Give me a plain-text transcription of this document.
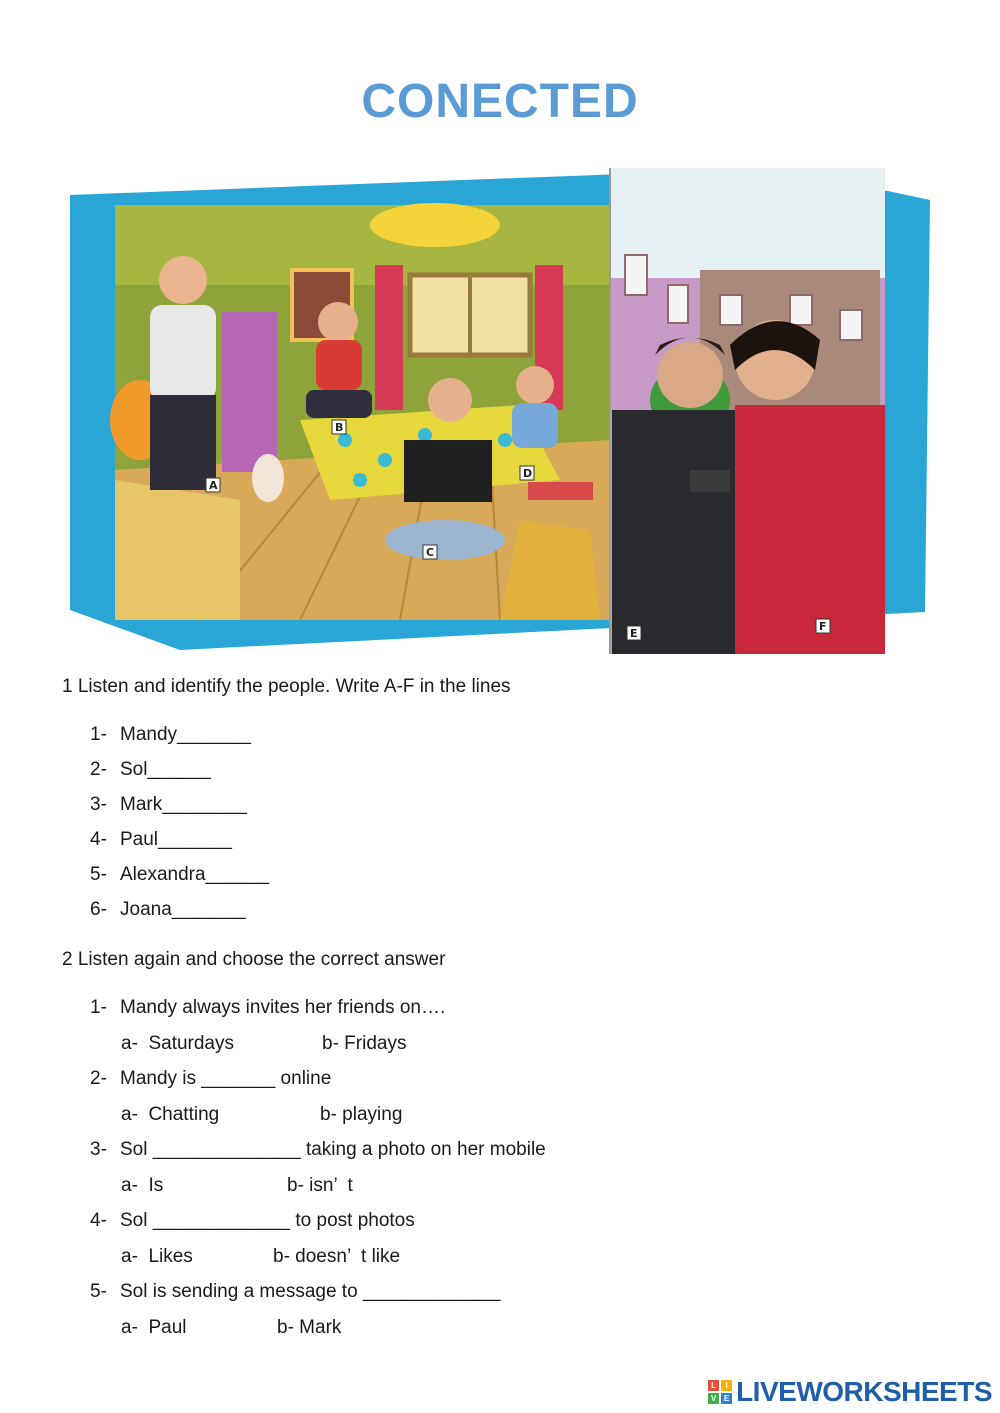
CONECTED
A
B
C
D
E
F
1 Listen and identify the people. Write A-F in the lines
1- Mandy_______
2- Sol______
3- Mark________
4- Paul_______
5- Alexandra______
6- Joana_______
2 Listen again and choose the correct answer
1- Mandy always invites her friends on….
a-  Saturdays	b- Fridays
2- Mandy is _______ online
a-  Chatting	b- playing
3- Sol ______________ taking a photo on her mobile
a-  Is	b- isn’  t
4- Sol _____________ to post photos
a-  Likes	b- doesn’  t like
5- Sol is sending a message to _____________
a-  Paul	b- Mark
L	I
V E LIVEWORKSHEETS
